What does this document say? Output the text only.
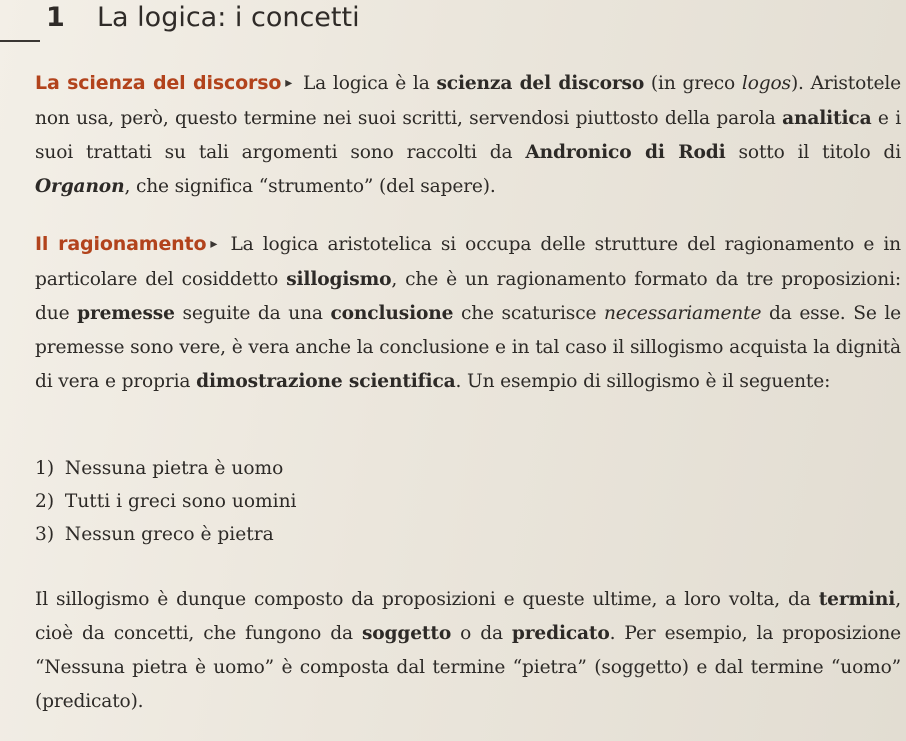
1 La logica: i concetti
La scienza del discorso ▸ La logica è la scienza del discorso (in greco logos). Aristotele non usa, però, questo termine nei suoi scritti, servendosi piuttosto della parola analitica e i suoi trattati su tali argomenti sono raccolti da Andronico di Rodi sotto il titolo di Organon, che significa “strumento” (del sapere).
Il ragionamento ▸ La logica aristotelica si occupa delle strutture del ragionamento e in particolare del cosiddetto sillogismo, che è un ragionamento formato da tre proposizioni: due premesse seguite da una conclusione che scaturisce necessariamente da esse. Se le premesse sono vere, è vera anche la conclusione e in tal caso il sillogismo acquista la dignità di vera e propria dimostrazione scientifica. Un esempio di sillogismo è il seguente:
1) Nessuna pietra è uomo
2) Tutti i greci sono uomini
3) Nessun greco è pietra
Il sillogismo è dunque composto da proposizioni e queste ultime, a loro volta, da termini, cioè da concetti, che fungono da soggetto o da predicato. Per esempio, la proposizione “Nessuna pietra è uomo” è composta dal termine “pietra” (soggetto) e dal termine “uomo” (predicato).
